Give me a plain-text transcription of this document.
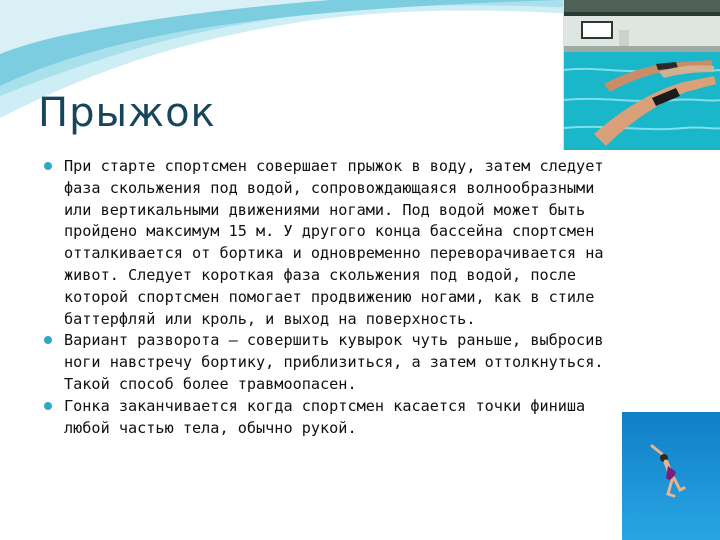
Прыжок
При старте спортсмен совершает прыжок в воду, затем следует
фаза скольжения под водой, сопровождающаяся волнообразными
или вертикальными движениями ногами. Под водой может быть
пройдено максимум 15 м. У другого конца бассейна спортсмен
отталкивается от бортика и одновременно переворачивается на
живот. Следует короткая фаза скольжения под водой, после
которой спортсмен помогает продвижению ногами, как в стиле
баттерфляй или кроль, и выход на поверхность.
Вариант разворота — совершить кувырок чуть раньше, выбросив
ноги навстречу бортику, приблизиться, а затем оттолкнуться.
Такой способ более травмоопасен.
Гонка заканчивается когда спортсмен касается точки финиша
любой частью тела, обычно рукой.
